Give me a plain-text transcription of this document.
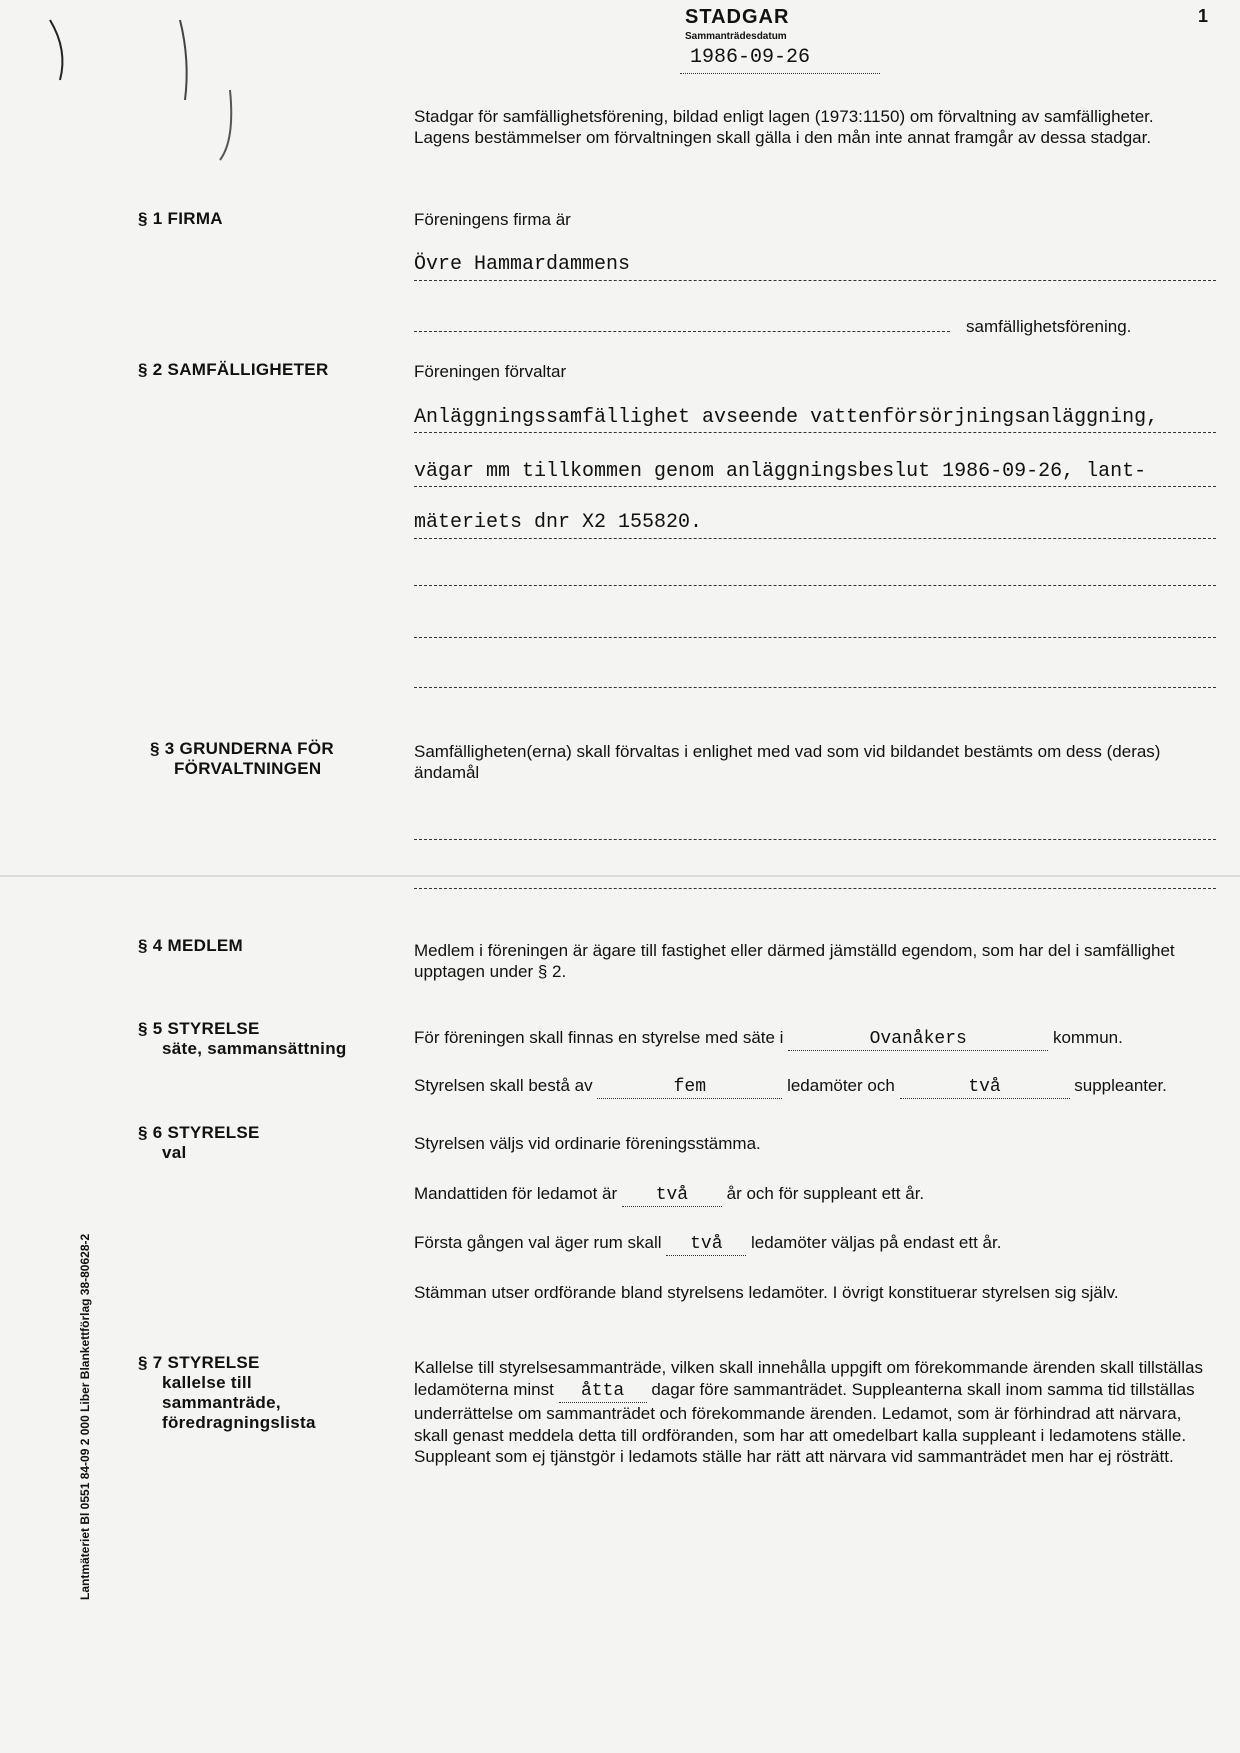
STADGAR
Sammanträdesdatum
1986-09-26
1
Stadgar för samfällighetsförening, bildad enligt lagen (1973:1150) om förvaltning av samfälligheter. Lagens bestämmelser om förvaltningen skall gälla i den mån inte annat framgår av dessa stadgar.
§ 1 FIRMA	Föreningens firma är
Övre Hammardammens
samfällighetsförening.
§ 2 SAMFÄLLIGHETER	Föreningen förvaltar
Anläggningssamfällighet avseende vattenförsörjningsanläggning,
vägar mm tillkommen genom anläggningsbeslut 1986-09-26, lant-
mäteriets dnr X2 155820.
§ 3 GRUNDERNA FÖR
FÖRVALTNINGEN
Samfälligheten(erna) skall förvaltas i enlighet med vad som vid bildandet bestämts om dess (deras) ändamål
§ 4 MEDLEM	Medlem i föreningen är ägare till fastighet eller därmed jämställd egendom, som har del i samfällighet upptagen under § 2.
§ 5 STYRELSE
säte, sammansättning
För föreningen skall finnas en styrelse med säte i	Ovanåkers	kommun.
Styrelsen skall bestå av	fem	ledamöter och	två	suppleanter.
§ 6 STYRELSE
val	Styrelsen väljs vid ordinarie föreningsstämma.
Mandattiden för ledamot är två år och för suppleant ett år.
Första gången val äger rum skall två ledamöter väljas på endast ett år.
Stämman utser ordförande bland styrelsens ledamöter. I övrigt konstituerar styrelsen sig själv.
§ 7 STYRELSE
kallelse till
sammanträde,
föredragningslista
Kallelse till styrelsesammanträde, vilken skall innehålla uppgift om förekommande ärenden skall tillställas ledamöterna minst åtta dagar före sammanträdet. Suppleanterna skall inom samma tid tillställas underrättelse om sammanträdet och förekommande ärenden. Ledamot, som är förhindrad att närvara, skall genast meddela detta till ordföranden, som har att omedelbart kalla suppleant i ledamotens ställe. Suppleant som ej tjänstgör i ledamots ställe har rätt att närvara vid sammanträdet men har ej rösträtt.
Lantmäteriet Bl 0551 84-09 2 000 Liber Blankettförlag 38-80628-2
